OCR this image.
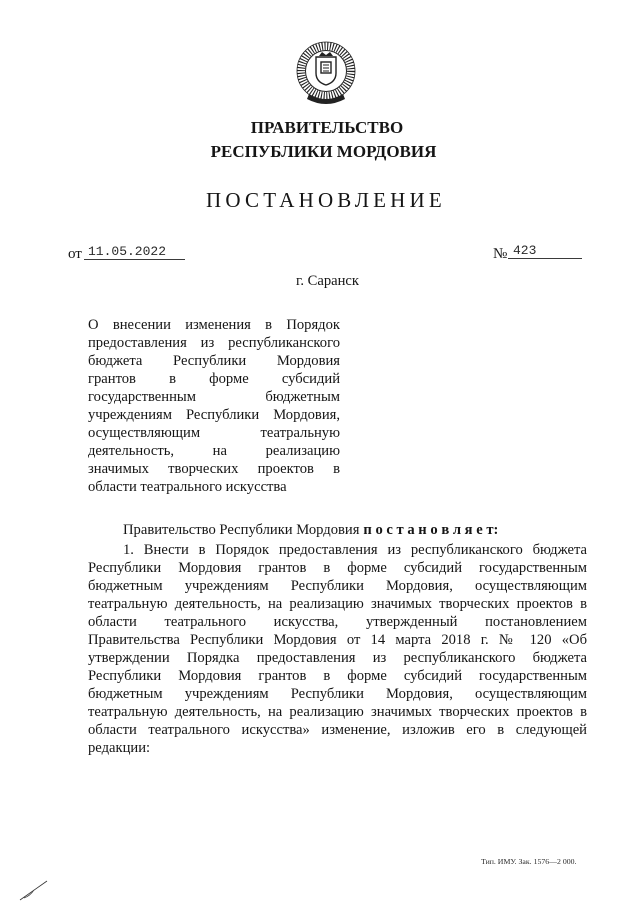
ПРАВИТЕЛЬСТВО
РЕСПУБЛИКИ МОРДОВИЯ
ПОСТАНОВЛЕНИЕ
от 11.05.2022	№ 423
г. Саранск
О внесении изменения в Порядок
предоставления из республиканского
бюджета Республики Мордовия
грантов в форме субсидий
государственным бюджетным
учреждениям Республики Мордовия,
осуществляющим театральную
деятельность, на реализацию
значимых творческих проектов в
области театрального искусства
Правительство Республики Мордовия п о с т а н о в л я е т:
1. Внести в Порядок предоставления из республиканского бюджета
Республики Мордовия грантов в форме субсидий государственным
бюджетным учреждениям Республики Мордовия, осуществляющим
театральную деятельность, на реализацию значимых творческих проектов в
области театрального искусства, утвержденный постановлением
Правительства Республики Мордовия от 14 марта 2018 г. № 120 «Об
утверждении Порядка предоставления из республиканского бюджета
Республики Мордовия грантов в форме субсидий государственным
бюджетным учреждениям Республики Мордовия, осуществляющим
театральную деятельность, на реализацию значимых творческих проектов в
области театрального искусства» изменение, изложив его в следующей
редакции:
Тип. ИМУ. Зак. 1576—2 000.
